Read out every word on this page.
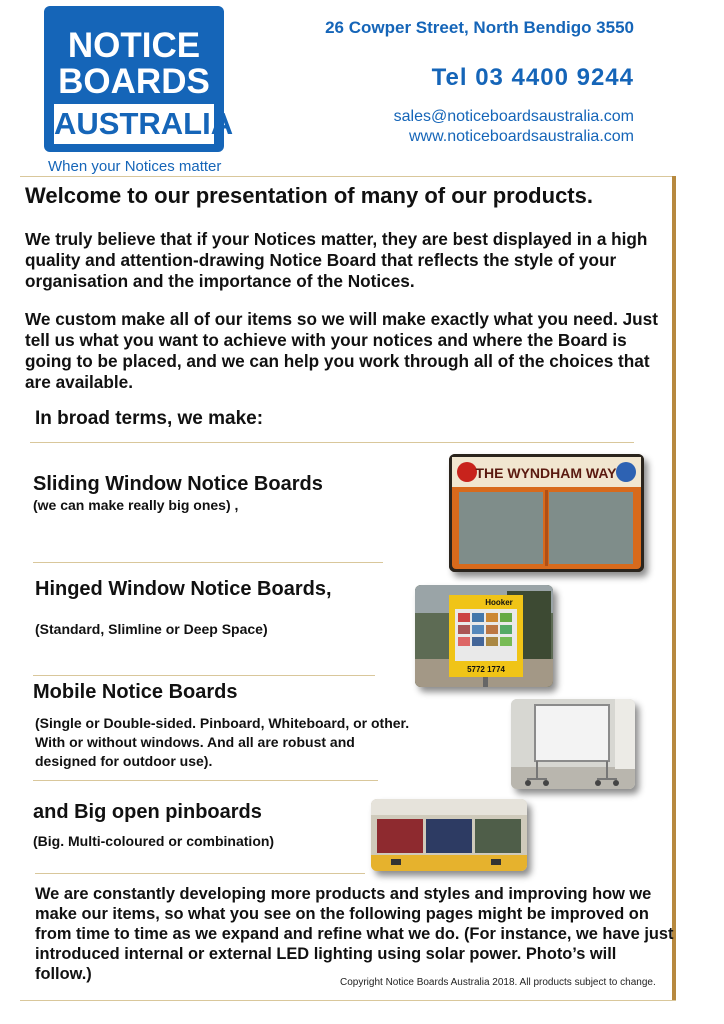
NOTICE
BOARDS
AUSTRALIA
When your Notices matter
26 Cowper Street, North Bendigo 3550
Tel 03 4400 9244
sales@noticeboardsaustralia.com
www.noticeboardsaustralia.com
Welcome to our presentation of many of our products.
We truly believe that if your Notices matter, they are best displayed in a high quality and attention-drawing Notice Board that reflects the style of your organisation and the importance of the Notices.
We custom make all of our items so we will make exactly what you need. Just tell us what you want to achieve with your notices and where the Board is going to be placed, and we can help you work through all of the choices that are available.
In broad terms, we make:
Sliding Window Notice Boards
(we can make really big ones) ,
THE WYNDHAM WAY
Hinged Window Notice Boards,
(Standard, Slimline or Deep Space)
Hooker
5772 1774
Mobile Notice Boards
(Single or Double-sided. Pinboard, Whiteboard, or other. With or without windows. And all are robust and designed for outdoor use).
and Big open pinboards
(Big. Multi-coloured or combination)
We are constantly developing more products and styles and improving how we make our items, so what you see on the following pages might be improved on from time to time as we expand and refine what we do. (For instance, we have just introduced internal or external LED lighting using solar power. Photo’s will follow.)	Copyright Notice Boards Australia 2018. All products subject to change.
